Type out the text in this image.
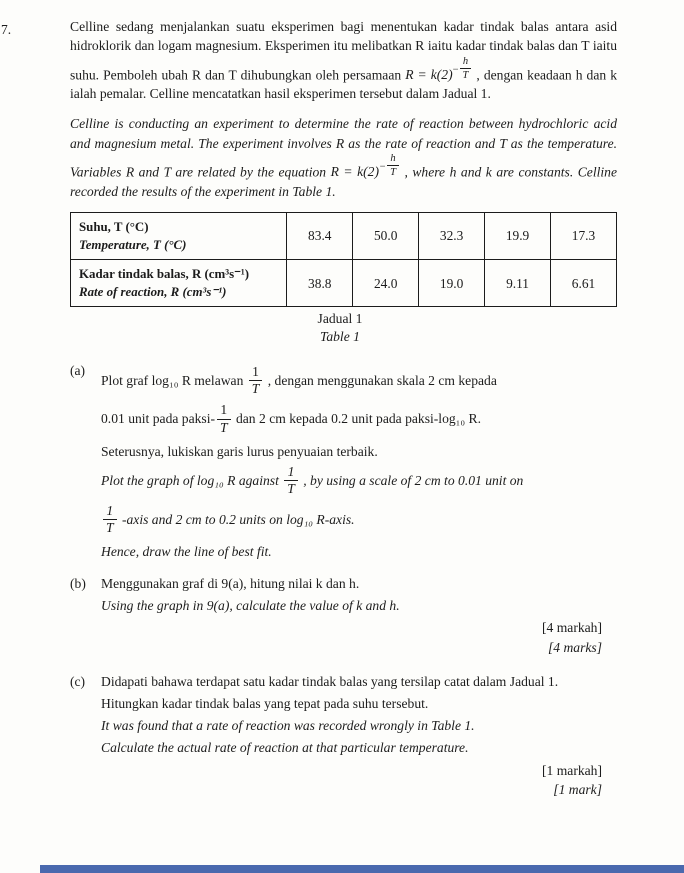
7.	Celline sedang menjalankan suatu eksperimen bagi menentukan kadar tindak balas antara asid hidroklorik dan logam magnesium. Eksperimen itu melibatkan R iaitu kadar tindak balas dan T iaitu suhu. Pemboleh ubah R dan T dihubungkan oleh persamaan $R = k(2)- \frac{h}{T}$ , dengan keadaan h dan k ialah pemalar. Celline mencatatkan hasil eksperimen tersebut dalam Jadual 1.

Celline is conducting an experiment to determine the rate of reaction between hydrochloric acid and magnesium metal. The experiment involves R as the rate of reaction and T as the temperature. Variables R and T are related by the equation $R = k(2)- \frac{h}{T}$ , where h and k are constants. Celline recorded the results of the experiment in Table 1.

Suhu, T (°C)
Temperature, T (°C)	83.4	50.0	32.3	19.9	17.3

Kadar tindak balas, R (cm³s⁻¹)
Rate of reaction, R (cm³s⁻¹)	38.8	24.0	19.0	9.11	6.61
Jadual 1
Table 1
(a)
Plot graf log₁₀ R melawan $\frac{1}{T}$ , dengan menggunakan skala 2 cm kepada
0.01 unit pada paksi- $\frac{1}{T}$ dan 2 cm kepada 0.2 unit pada paksi-log₁₀ R.
Seterusnya, lukiskan garis lurus penyuaian terbaik.
Plot the graph of log₁₀ R against $\frac{1}{T}$ , by using a scale of 2 cm to 0.01 unit on
$\frac{1}{T}$ -axis and 2 cm to 0.2 units on log₁₀ R-axis.
Hence, draw the line of best fit.
(b)	Menggunakan graf di 9(a), hitung nilai k dan h.
Using the graph in 9(a), calculate the value of k and h.
[4 markah]
[4 marks]
(c)	Didapati bahawa terdapat satu kadar tindak balas yang tersilap catat dalam Jadual 1.
Hitungkan kadar tindak balas yang tepat pada suhu tersebut.
It was found that a rate of reaction was recorded wrongly in Table 1.
Calculate the actual rate of reaction at that particular temperature.
[1 markah]
[1 mark]
